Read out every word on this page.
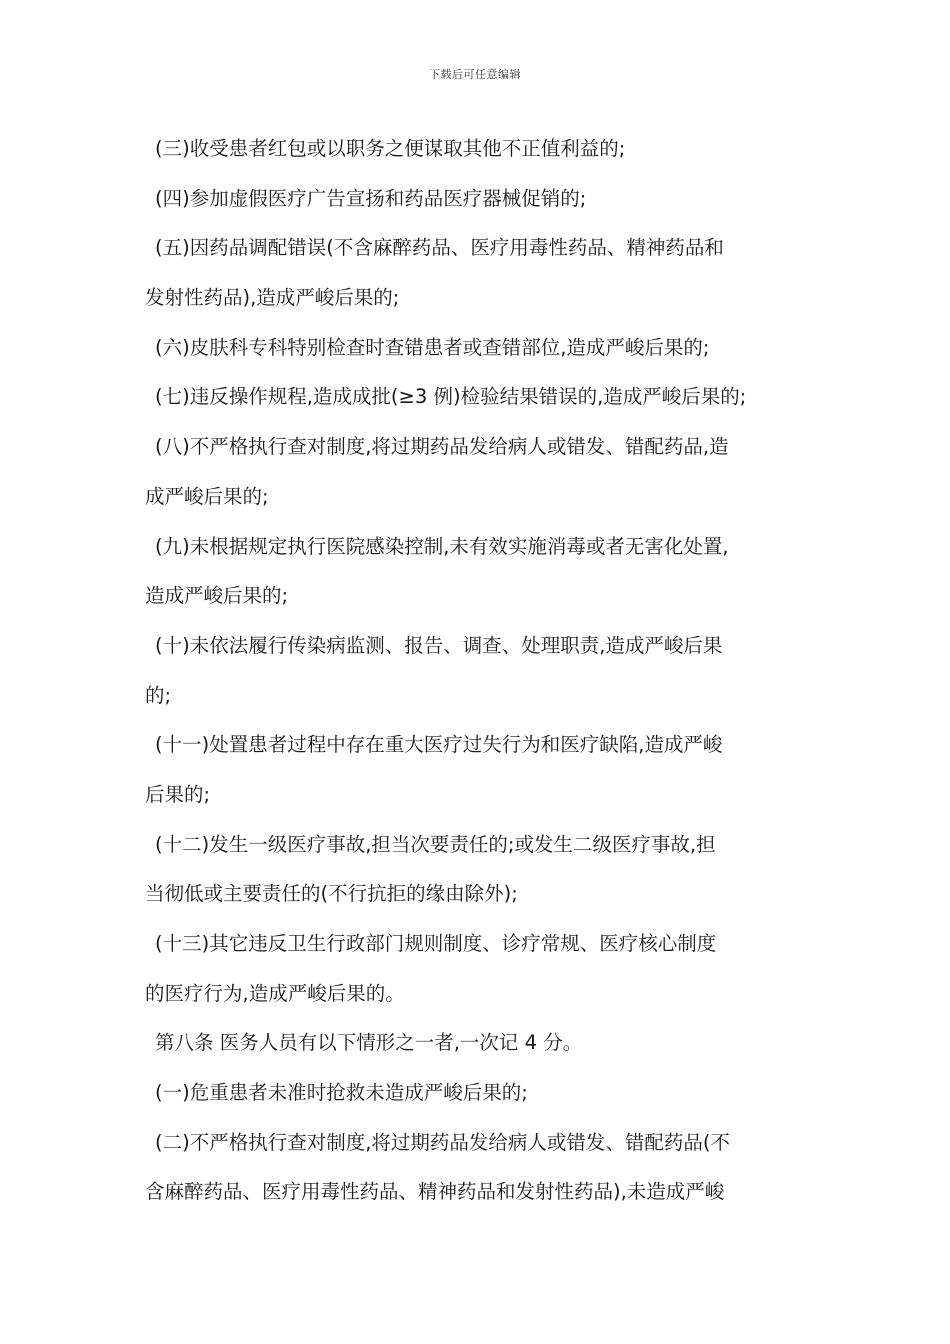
下载后可任意编辑
(三)收受患者红包或以职务之便谋取其他不正值利益的;
(四)参加虚假医疗广告宣扬和药品医疗器械促销的;
(五)因药品调配错误(不含麻醉药品、医疗用毒性药品、精神药品和
发射性药品),造成严峻后果的;
(六)皮肤科专科特别检查时查错患者或查错部位,造成严峻后果的;
(七)违反操作规程,造成成批(≥3 例)检验结果错误的,造成严峻后果的;
(八)不严格执行查对制度,将过期药品发给病人或错发、错配药品,造
成严峻后果的;
(九)未根据规定执行医院感染控制,未有效实施消毒或者无害化处置,
造成严峻后果的;
(十)未依法履行传染病监测、报告、调查、处理职责,造成严峻后果
的;
(十一)处置患者过程中存在重大医疗过失行为和医疗缺陷,造成严峻
后果的;
(十二)发生一级医疗事故,担当次要责任的;或发生二级医疗事故,担
当彻低或主要责任的(不行抗拒的缘由除外);
(十三)其它违反卫生行政部门规则制度、诊疗常规、医疗核心制度
的医疗行为,造成严峻后果的。
第八条 医务人员有以下情形之一者,一次记 4 分。
(一)危重患者未准时抢救未造成严峻后果的;
(二)不严格执行查对制度,将过期药品发给病人或错发、错配药品(不
含麻醉药品、医疗用毒性药品、精神药品和发射性药品),未造成严峻
